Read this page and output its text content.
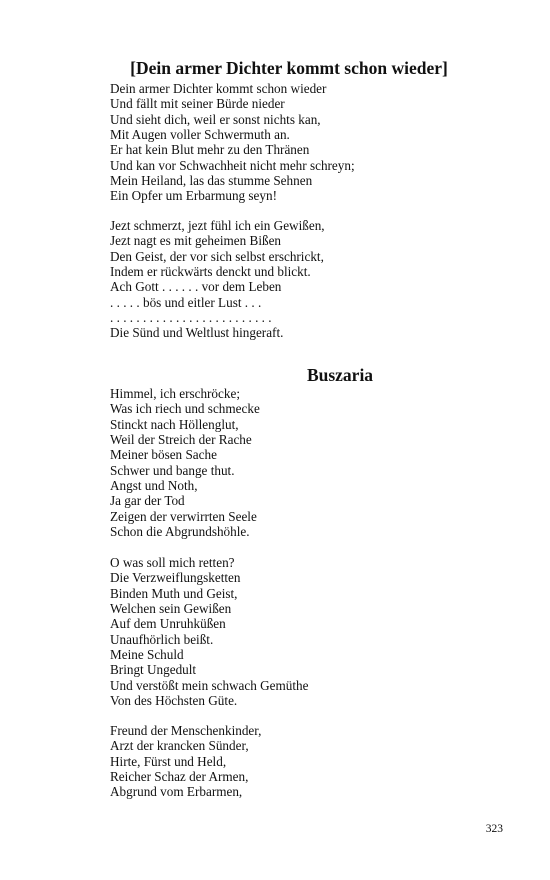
[Dein armer Dichter kommt schon wieder]
Dein armer Dichter kommt schon wieder
Und fällt mit seiner Bürde nieder
Und sieht dich, weil er sonst nichts kan,
Mit Augen voller Schwermuth an.
Er hat kein Blut mehr zu den Thränen
Und kan vor Schwachheit nicht mehr schreyn;
Mein Heiland, las das stumme Sehnen
Ein Opfer um Erbarmung seyn!
Jezt schmerzt, jezt fühl ich ein Gewißen,
Jezt nagt es mit geheimen Bißen
Den Geist, der vor sich selbst erschrickt,
Indem er rückwärts denckt und blickt.
Ach Gott . . . . . . vor dem Leben
. . . . . bös und eitler Lust . . .
. . . . . . . . . . . . . . . . . . . . . . . . .
Die Sünd und Weltlust hingeraft.
Buszaria
Himmel, ich erschröcke;
Was ich riech und schmecke
Stinckt nach Höllenglut,
Weil der Streich der Rache
Meiner bösen Sache
Schwer und bange thut.
Angst und Noth,
Ja gar der Tod
Zeigen der verwirrten Seele
Schon die Abgrundshöhle.
O was soll mich retten?
Die Verzweiflungsketten
Binden Muth und Geist,
Welchen sein Gewißen
Auf dem Unruhküßen
Unaufhörlich beißt.
Meine Schuld
Bringt Ungedult
Und verstößt mein schwach Gemüthe
Von des Höchsten Güte.
Freund der Menschenkinder,
Arzt der krancken Sünder,
Hirte, Fürst und Held,
Reicher Schaz der Armen,
Abgrund vom Erbarmen,
323
